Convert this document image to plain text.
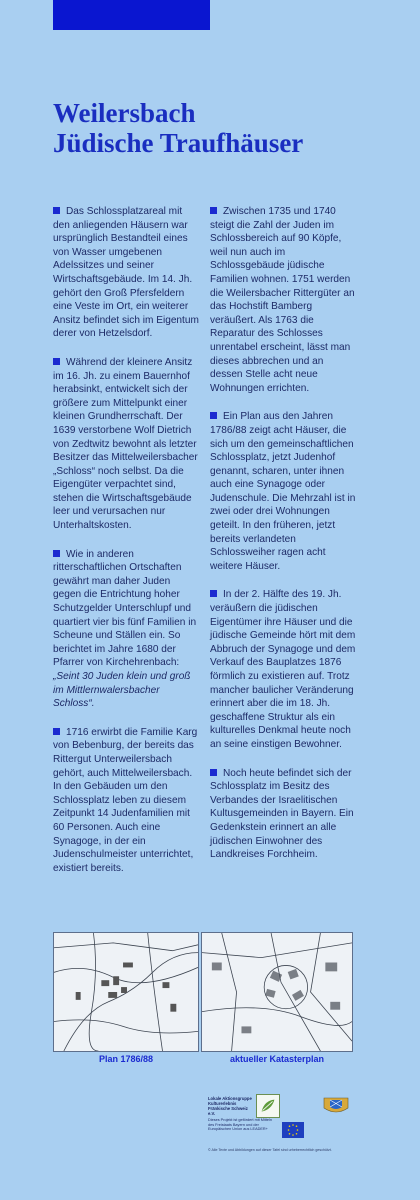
Weilersbach
Jüdische Traufhäuser

Das Schlossplatzareal mit den anliegenden Häusern war ursprünglich Bestandteil eines von Wasser umgebenen Adelssitzes und seiner Wirtschaftsgebäude. Im 14. Jh. gehört den Groß Pfersfeldern eine Veste im Ort, ein weiterer Ansitz befindet sich im Eigentum derer von Hetzelsdorf.

Während der kleinere Ansitz im 16. Jh. zu einem Bauernhof herabsinkt, entwickelt sich der größere zum Mittelpunkt einer kleinen Grundherrschaft. Der 1639 verstorbene Wolf Dietrich von Zedtwitz bewohnt als letzter Besitzer das Mittelweilersbacher „Schloss“ noch selbst. Da die Eigengüter verpachtet sind, stehen die Wirtschaftsgebäude leer und verursachen nur Unterhaltskosten.

Wie in anderen ritterschaftlichen Ortschaften gewährt man daher Juden gegen die Entrichtung hoher Schutzgelder Unterschlupf und quartiert vier bis fünf Familien in Scheune und Ställen ein. So berichtet im Jahre 1680 der Pfarrer von Kirchehrenbach: „Seint 30 Juden klein und groß im Mittlernwalersbacher Schloss“.

1716 erwirbt die Familie Karg von Bebenburg, der bereits das Rittergut Unterweilersbach gehört, auch Mittelweilersbach. In den Gebäuden um den Schlossplatz leben zu diesem Zeitpunkt 14 Judenfamilien mit 60 Personen. Auch eine Synagoge, in der ein Judenschulmeister unterrichtet, existiert bereits.

Zwischen 1735 und 1740 steigt die Zahl der Juden im Schlossbereich auf 90 Köpfe, weil nun auch im Schlossgebäude jüdische Familien wohnen. 1751 werden die Weilersbacher Rittergüter an das Hochstift Bamberg veräußert. Als 1763 die Reparatur des Schlosses unrentabel erscheint, lässt man dieses abbrechen und an dessen Stelle acht neue Wohnungen errichten.

Ein Plan aus den Jahren 1786/88 zeigt acht Häuser, die sich um den gemeinschaftlichen Schlossplatz, jetzt Judenhof genannt, scharen, unter ihnen auch eine Synagoge oder Judenschule. Die Mehrzahl ist in zwei oder drei Wohnungen geteilt. In den früheren, jetzt bereits verlandeten Schlossweiher ragen acht weitere Häuser.

In der 2. Hälfte des 19. Jh. veräußern die jüdischen Eigentümer ihre Häuser und die jüdische Gemeinde hört mit dem Abbruch der Synagoge und dem Verkauf des Bauplatzes 1876 förmlich zu existieren auf. Trotz mancher baulicher Veränderung erinnert aber die im 18. Jh. geschaffene Struktur als ein kulturelles Denkmal heute noch an seine einstigen Bewohner.

Noch heute befindet sich der Schlossplatz im Besitz des Verbandes der Israelitischen Kultusgemeinden in Bayern. Ein Gedenkstein erinnert an alle jüdischen Einwohner des Landkreises Forchheim.

·
Plan 1786/88	aktueller Katasterplan
Lokale Aktionsgruppe
Kulturerlebnis
Fränkische Schweiz e.V.
Dieses Projekt ist gefördert mit Mitteln des Freistaats Bayern und der Europäischen Union aus LEADER+
© Alle Texte und Abbildungen auf dieser Tafel sind urheberrechtlich geschützt.
